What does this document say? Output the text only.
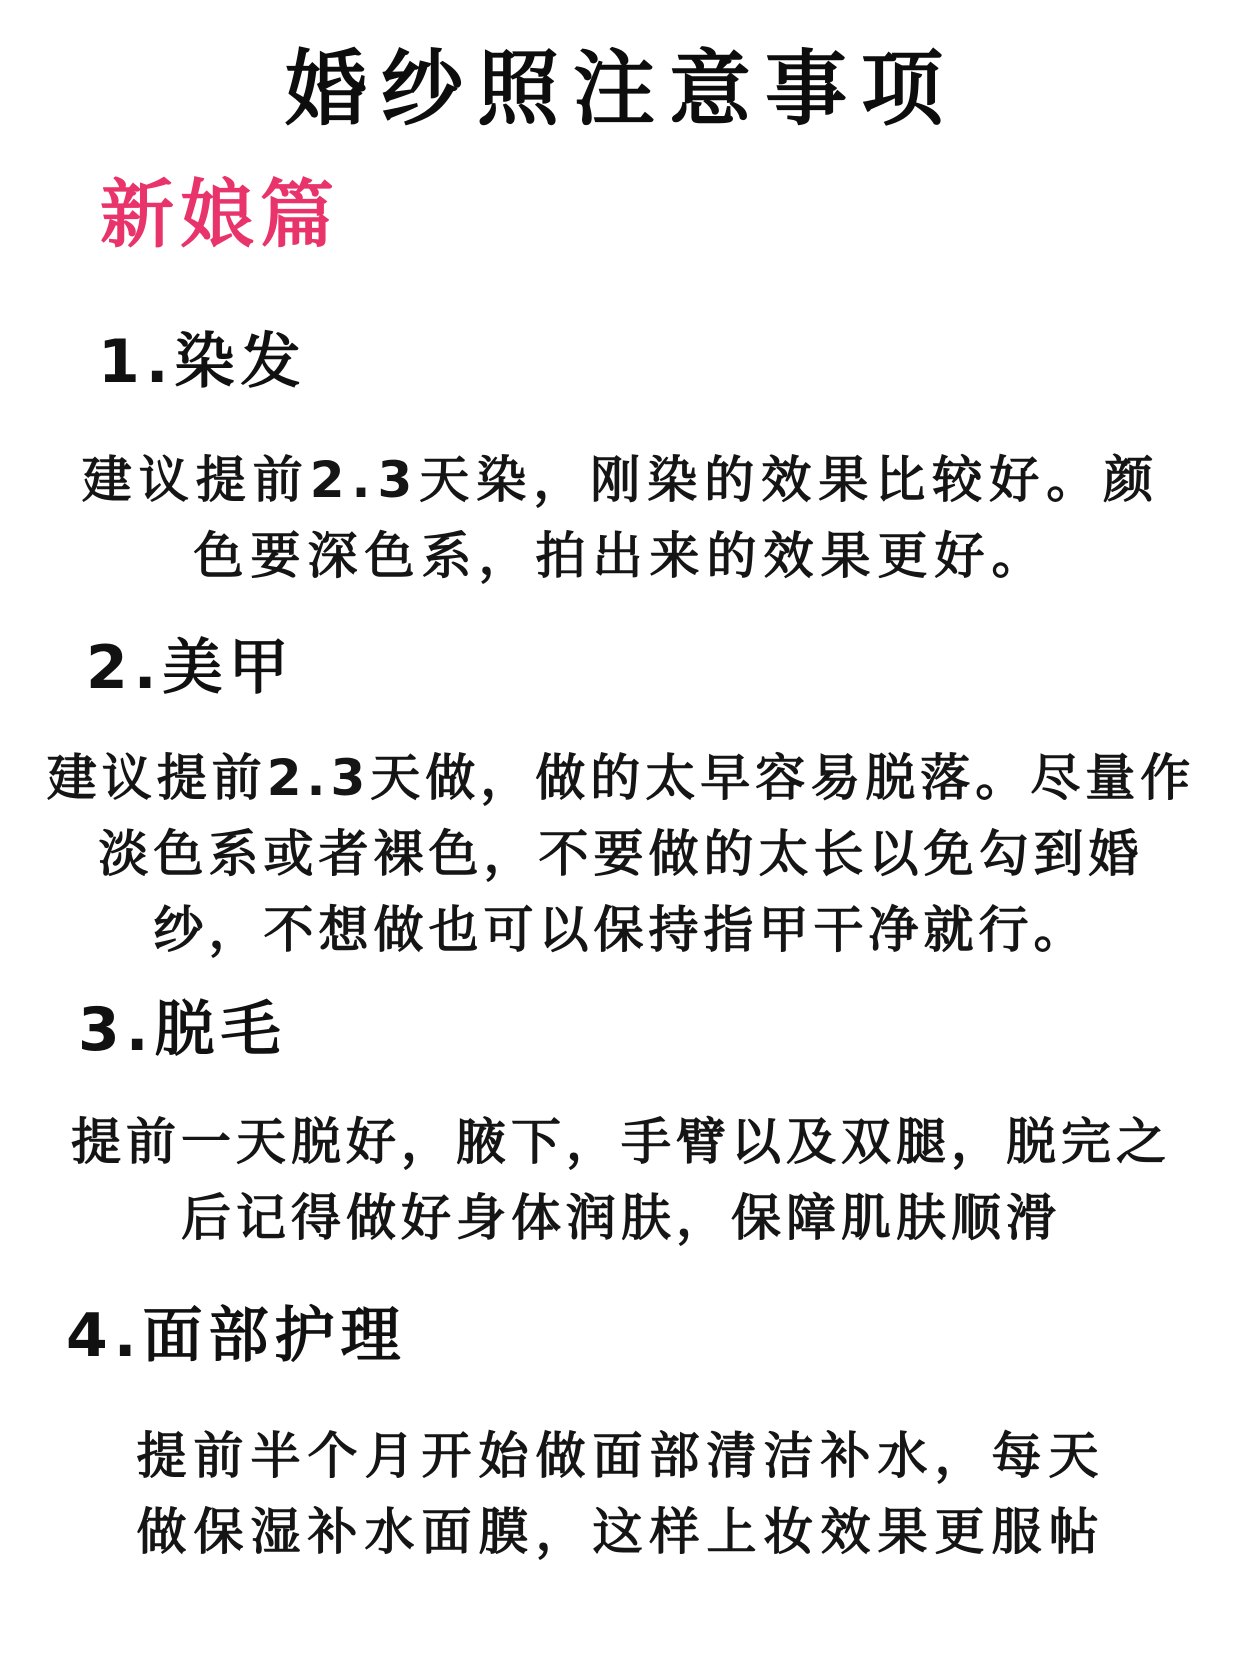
婚纱照注意事项
新娘篇
1.染发
建议提前2.3天染，刚染的效果比较好。颜
色要深色系，拍出来的效果更好。
2.美甲
建议提前2.3天做，做的太早容易脱落。尽量作
淡色系或者裸色，不要做的太长以免勾到婚
纱，不想做也可以保持指甲干净就行。
3.脱毛
提前一天脱好，腋下，手臂以及双腿，脱完之
后记得做好身体润肤，保障肌肤顺滑
4.面部护理
提前半个月开始做面部清洁补水，每天
做保湿补水面膜，这样上妆效果更服帖
